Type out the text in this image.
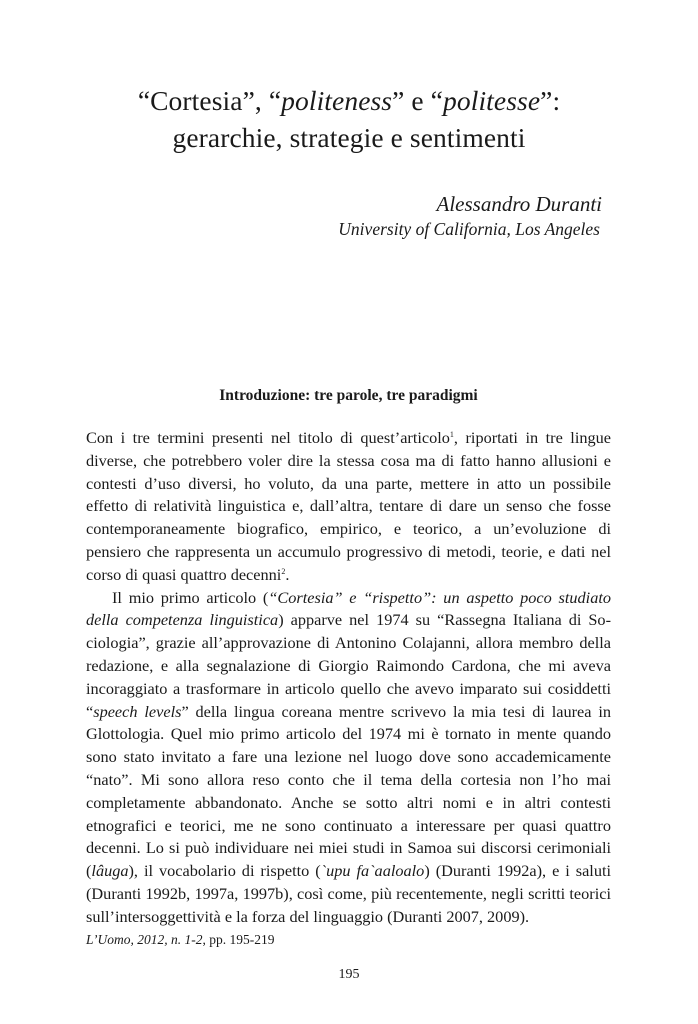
“Cortesia”, “politeness” e “politesse”:
gerarchie, strategie e sentimenti
Alessandro Duranti
University of California, Los Angeles
Introduzione: tre parole, tre paradigmi

Con i tre termini presenti nel titolo di quest’articolo$^1$, riportati in tre lingue diverse, che potrebbero voler dire la stessa cosa ma di fatto hanno allusioni e contesti d’uso diversi, ho voluto, da una parte, mettere in atto un possibile effetto di relatività linguistica e, dall’altra, tentare di dare un senso che fosse contemporaneamente biografico, empirico, e teorico, a un’evoluzione di pensiero che rappresenta un accumulo progressivo di metodi, teorie, e dati nel corso di quasi quattro decenni$^2$.

Il mio primo articolo (“Cortesia” e “rispetto”: un aspetto poco studiato della competenza linguistica) apparve nel 1974 su “Rassegna Italiana di Sociologia”, grazie all’approvazione di Antonino Colajanni, allora membro della redazione, e alla segnalazione di Giorgio Raimondo Cardona, che mi aveva incoraggiato a trasformare in articolo quello che avevo imparato sui cosiddetti “speech levels” della lingua coreana mentre scrivevo la mia tesi di laurea in Glottologia. Quel mio primo articolo del 1974 mi è tornato in mente quando sono stato invitato a fare una lezione nel luogo dove sono accademicamente “nato”. Mi sono allora reso conto che il tema della cortesia non l’ho mai completamente abbandonato. Anche se sotto altri nomi e in altri contesti etnografici e teorici, me ne sono continuato a interessare per quasi quattro decenni. Lo si può individuare nei miei studi in Samoa sui discorsi cerimoniali (lâuga), il vocabolario di rispetto (`upu fa`aaloalo) (Duranti 1992a), e i saluti (Duranti 1992b, 1997a, 1997b), così come, più recentemente, negli scritti teorici sull’intersoggettività e la forza del linguaggio (Duranti 2007, 2009).

L’Uomo, 2012, n. 1-2, pp. 195-219
195
